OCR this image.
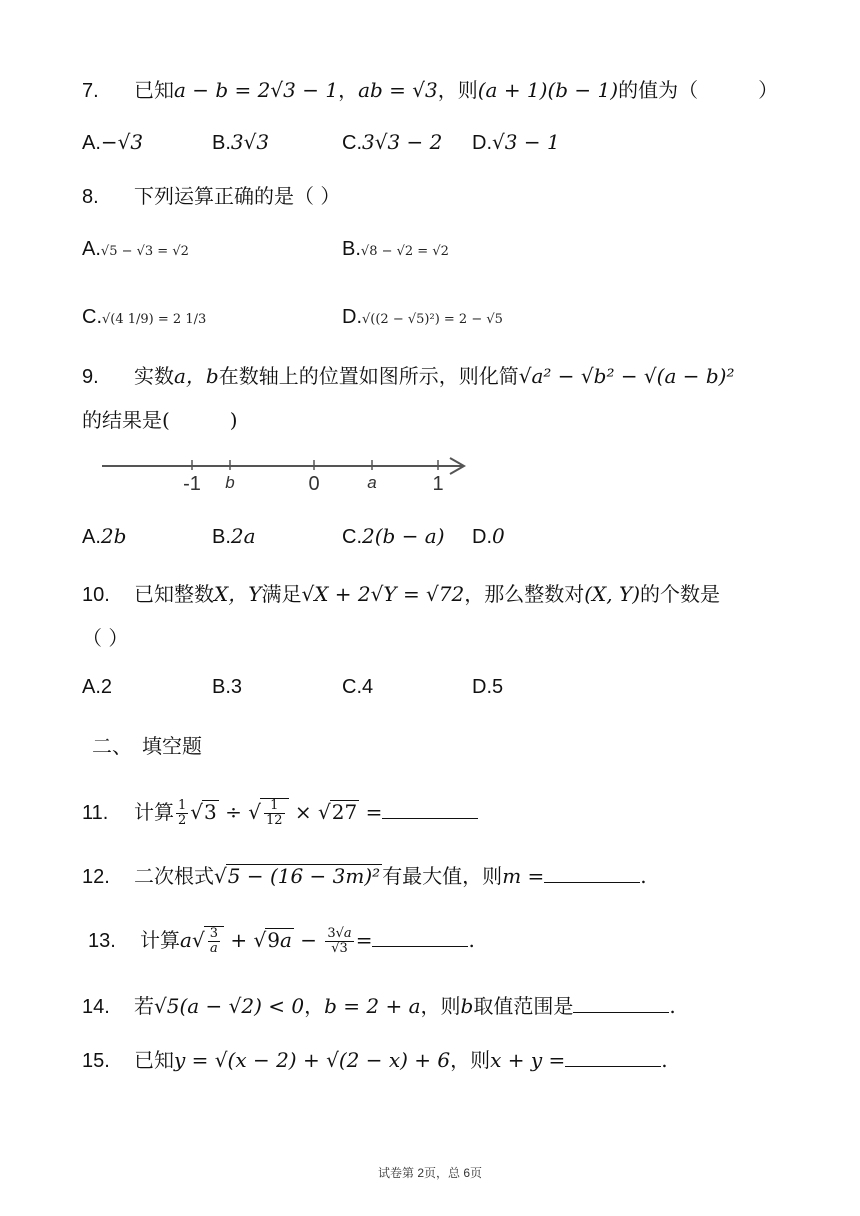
7. 已知a − b = 2√3 − 1，ab = √3，则(a + 1)(b − 1)的值为（　　　）
A.−√3	B.3√3	C.3√3 − 2 D.√3 − 1
8. 下列运算正确的是（ ）
A.√5 − √3 = √2	B.√8 − √2 = √2
C.√(4 1/9) = 2 1/3	D.√((2 − √5)²) = 2 − √5
9. 实数a，b在数轴上的位置如图所示，则化简√a² − √b² − √(a − b)²
的结果是(　　　)
-1 b	0	a	1
A.2b	B.2a	C.2(b − a) D.0
10. 已知整数X，Y满足√X + 2√Y = √72，那么整数对(X, Y)的个数是
（ ）
A.2	B.3	C.4	D.5
二、　填空题
11. 计算 $\frac{1}{2} √3$ ÷ √ $\frac{1}{12} \times √27$ =
12. 二次根式√5 − (16 − 3m)² 有最大值，则m =	.
13. 计算$a√ \frac{3}{a} + √9a - \frac{3√a}{√3}$ =	.
14. 若√5(a − √2) < 0，b = 2 + a，则b取值范围是	.
15. 已知y = √(x − 2) + √(2 − x) + 6，则x + y =	.
试卷第 2页，总 6页
